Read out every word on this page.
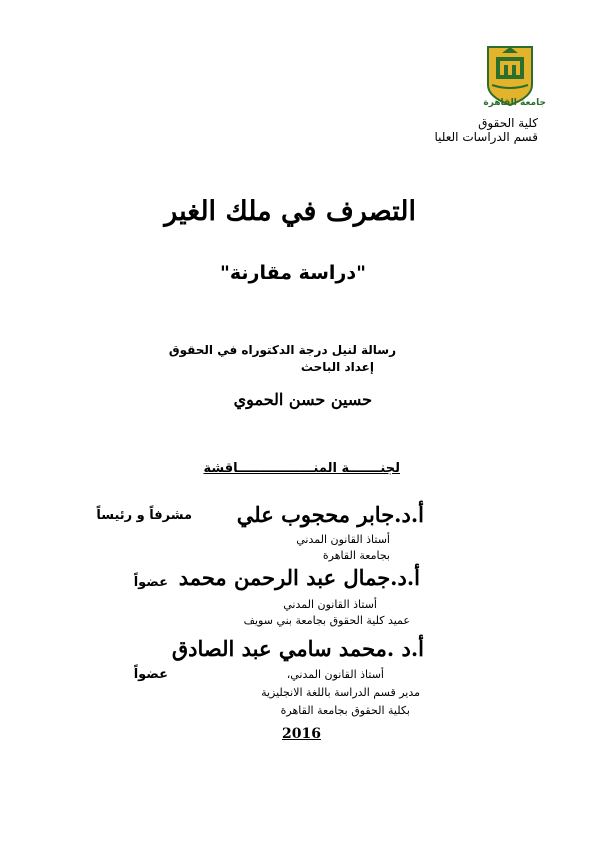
جامعة القاهرة
كلية الحقوق
قسم الدراسات العليا
التصرف في ملك الغير
"دراسة مقارنة"
رسالة لنيل درجة الدكتوراه في الحقوق
إعداد الباحث
حسين حسن الحموي
لجنـــــــة المنـــــــــــــــــاقشة
أ.د.جابر محجوب علي
مشرفاً و رئيساً
أستاذ القانون المدني
بجامعة القاهرة
أ.د.جمال عبد الرحمن محمد
عضواً
أستاذ القانون المدني
عميد كلية الحقوق بجامعة بني سويف
أ.د .محمد سامي عبد الصادق
عضواً	أستاذ القانون المدني،
مدير قسم الدراسة باللغة الانجليزية
بكلية الحقوق بجامعة القاهرة
2016
